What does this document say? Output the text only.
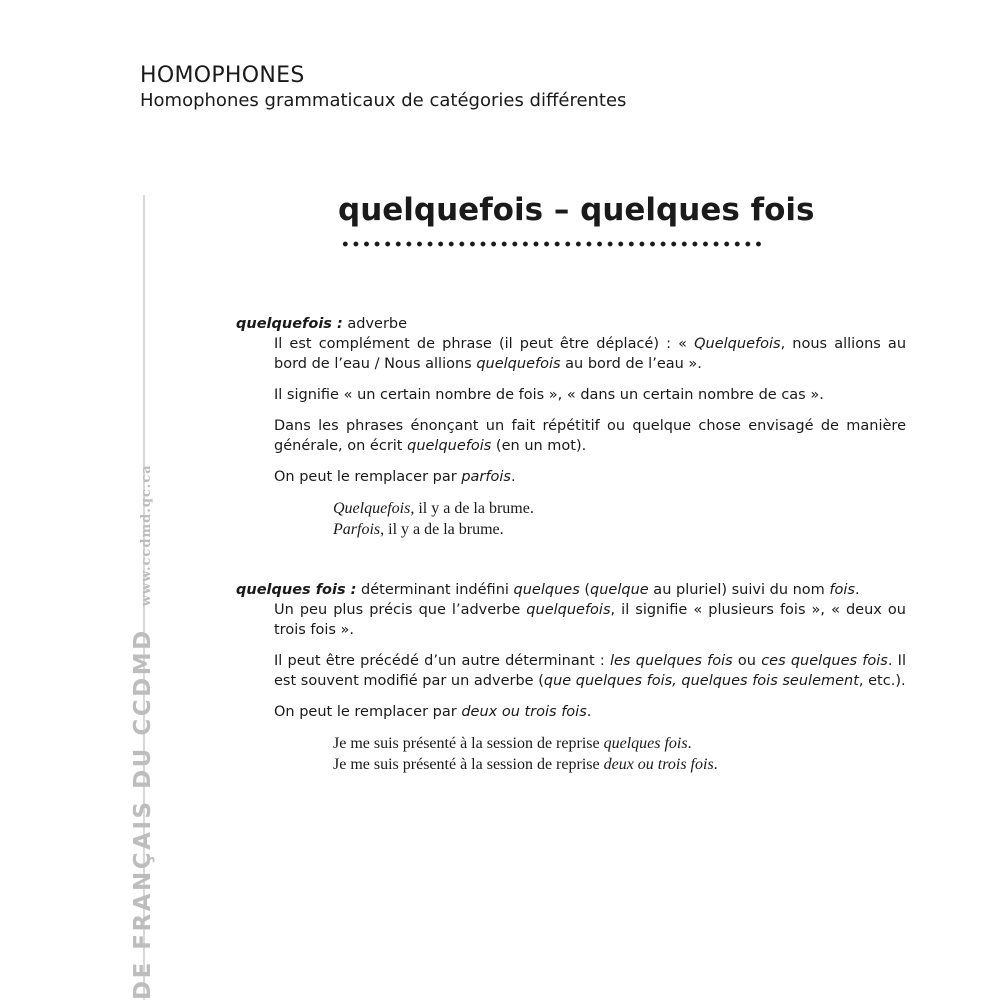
HOMOPHONES
Homophones grammaticaux de catégories différentes
DE FRANÇAIS DU CCDMDwww.ccdmd.qc.ca
quelquefois – quelques fois

quelquefois : adverbe

Il est complément de phrase (il peut être déplacé) : « Quelquefois, nous allions au bord de l’eau / Nous allions quelquefois au bord de l’eau ».

Il signifie « un certain nombre de fois », « dans un certain nombre de cas ».

Dans les phrases énonçant un fait répétitif ou quelque chose envisagé de manière générale, on écrit quelquefois (en un mot).

On peut le remplacer par parfois.

Quelquefois, il y a de la brume.
Parfois, il y a de la brume.

quelques fois : déterminant indéfini quelques (quelque au pluriel) suivi du nom fois.

Un peu plus précis que l’adverbe quelquefois, il signifie « plusieurs fois », « deux ou trois fois ».

Il peut être précédé d’un autre déterminant : les quelques fois ou ces quelques fois. Il est souvent modifié par un adverbe (que quelques fois, quelques fois seulement, etc.).

On peut le remplacer par deux ou trois fois.

Je me suis présenté à la session de reprise quelques fois.
Je me suis présenté à la session de reprise deux ou trois fois.
